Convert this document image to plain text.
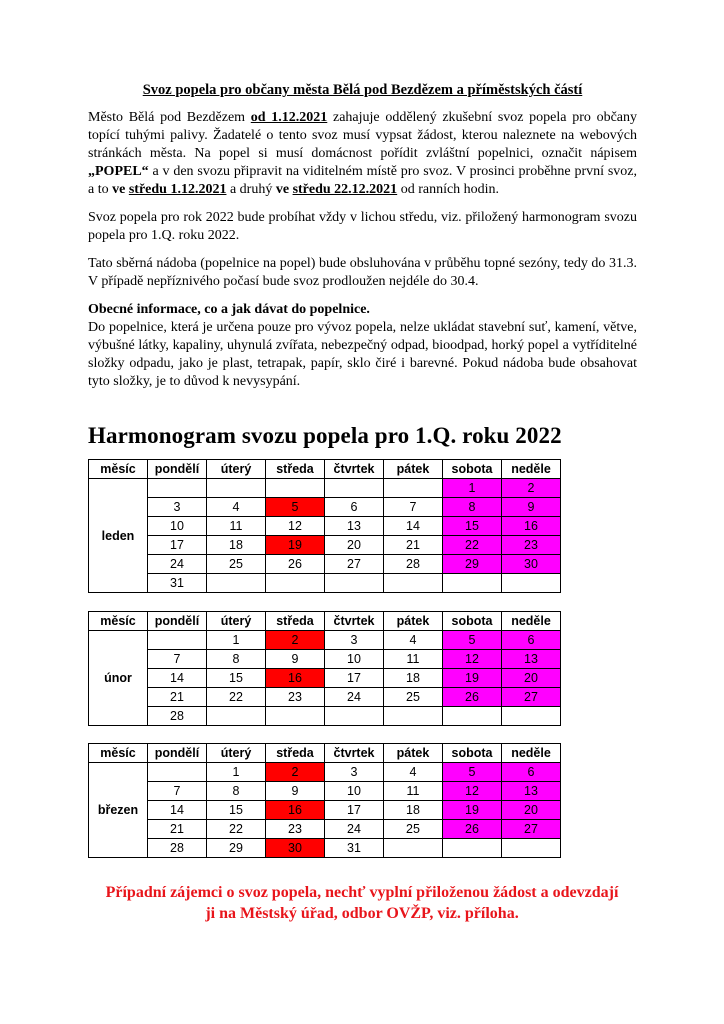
Svoz popela pro občany města Bělá pod Bezdězem a příměstských částí

Město Bělá pod Bezdězem od 1.12.2021 zahajuje oddělený zkušební svoz popela pro občany topící tuhými palivy. Žadatelé o tento svoz musí vypsat žádost, kterou naleznete na webových stránkách města. Na popel si musí domácnost pořídit zvláštní popelnici, označit nápisem „POPEL“ a v den svozu připravit na viditelném místě pro svoz. V prosinci proběhne první svoz, a to ve středu 1.12.2021 a druhý ve středu 22.12.2021 od ranních hodin.

Svoz popela pro rok 2022 bude probíhat vždy v lichou středu, viz. přiložený harmonogram svozu popela pro 1.Q. roku 2022.

Tato sběrná nádoba (popelnice na popel) bude obsluhována v průběhu topné sezóny, tedy do 31.3. V případě nepříznivého počasí bude svoz prodloužen nejdéle do 30.4.

Obecné informace, co a jak dávat do popelnice.

Do popelnice, která je určena pouze pro vývoz popela, nelze ukládat stavební suť, kamení, větve, výbušné látky, kapaliny, uhynulá zvířata, nebezpečný odpad, bioodpad, horký popel a vytříditelné složky odpadu, jako je plast, tetrapak, papír, sklo čiré i barevné. Pokud nádoba bude obsahovat tyto složky, je to důvod k nevysypání.

Harmonogram svozu popela pro 1.Q. roku 2022
měsíc	pondělí	úterý	středa	čtvrtek	pátek	sobota	neděle
leden						1	2
	3	4	5	6	7	8	9
	10	11	12	13	14	15	16
	17	18	19	20	21	22	23
	24	25	26	27	28	29	30
	31						
měsíc	pondělí	úterý	středa	čtvrtek	pátek	sobota	neděle
únor		1	2	3	4	5	6
	7	8	9	10	11	12	13
	14	15	16	17	18	19	20
	21	22	23	24	25	26	27
	28						
měsíc	pondělí	úterý	středa	čtvrtek	pátek	sobota	neděle
březen		1	2	3	4	5	6
	7	8	9	10	11	12	13
	14	15	16	17	18	19	20
	21	22	23	24	25	26	27
	28	29	30	31			
Případní zájemci o svoz popela, nechť vyplní přiloženou žádost a odevzdají
ji na Městský úřad, odbor OVŽP, viz. příloha.
